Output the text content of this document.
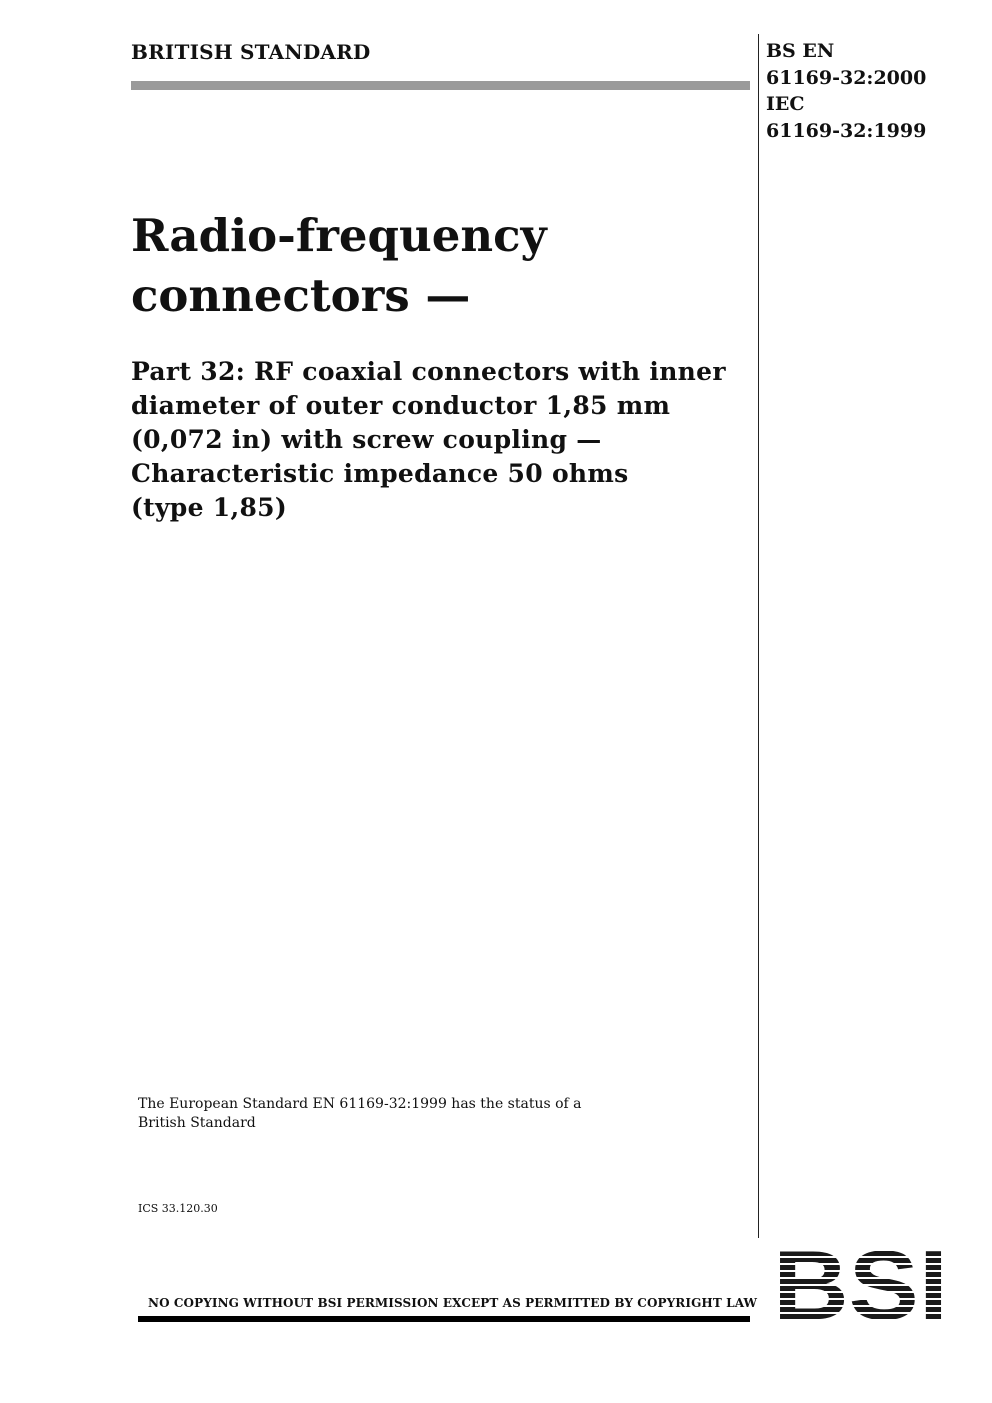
BRITISH STANDARD	BS EN
61169-32:2000
IEC
61169-32:1999
Radio-frequency
connectors —
Part 32: RF coaxial connectors with inner
diameter of outer conductor 1,85 mm
(0,072 in) with screw coupling —
Characteristic impedance 50 ohms
(type 1,85)
The European Standard EN 61169-32:1999 has the status of a
British Standard
ICS 33.120.30
NO COPYING WITHOUT BSI PERMISSION EXCEPT AS PERMITTED BY COPYRIGHT LAW
